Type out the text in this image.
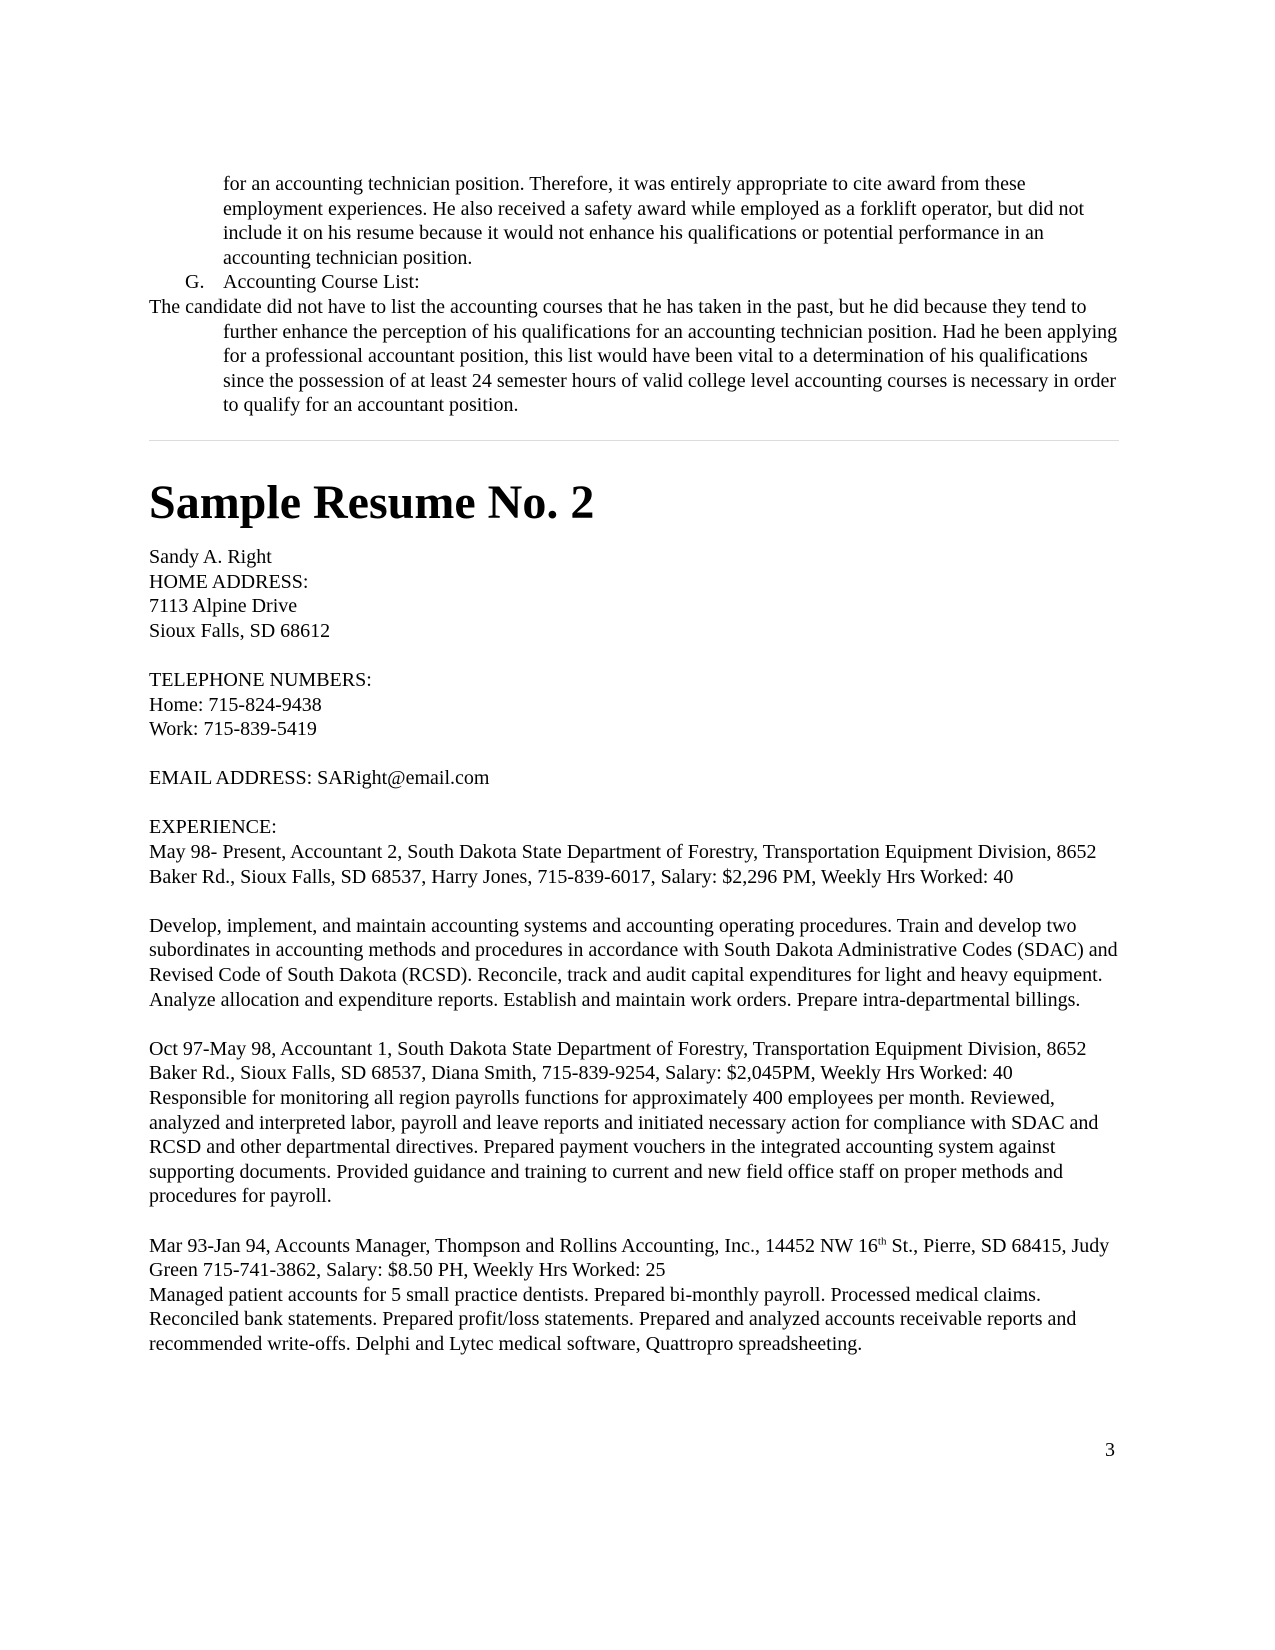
for an accounting technician position. Therefore, it was entirely appropriate to cite award from these employment experiences. He also received a safety award while employed as a forklift operator, but did not include it on his resume because it would not enhance his qualifications or potential performance in an accounting technician position.

G. Accounting Course List:

The candidate did not have to list the accounting courses that he has taken in the past, but he did because they tend to further enhance the perception of his qualifications for an accounting technician position. Had he been applying for a professional accountant position, this list would have been vital to a determination of his qualifications since the possession of at least 24 semester hours of valid college level accounting courses is necessary in order to qualify for an accountant position.

Sample Resume No. 2

Sandy A. Right

HOME ADDRESS:

7113 Alpine Drive

Sioux Falls, SD 68612

TELEPHONE NUMBERS:

Home: 715-824-9438

Work: 715-839-5419

EMAIL ADDRESS: SARight@email.com

EXPERIENCE:

May 98- Present, Accountant 2, South Dakota State Department of Forestry, Transportation Equipment Division, 8652 Baker Rd., Sioux Falls, SD 68537, Harry Jones, 715-839-6017, Salary: $2,296 PM, Weekly Hrs Worked: 40

Develop, implement, and maintain accounting systems and accounting operating procedures. Train and develop two subordinates in accounting methods and procedures in accordance with South Dakota Administrative Codes (SDAC) and Revised Code of South Dakota (RCSD). Reconcile, track and audit capital expenditures for light and heavy equipment. Analyze allocation and expenditure reports. Establish and maintain work orders. Prepare intra-departmental billings.

Oct 97-May 98, Accountant 1, South Dakota State Department of Forestry, Transportation Equipment Division, 8652 Baker Rd., Sioux Falls, SD 68537, Diana Smith, 715-839-9254, Salary: $2,045PM, Weekly Hrs Worked: 40

Responsible for monitoring all region payrolls functions for approximately 400 employees per month. Reviewed, analyzed and interpreted labor, payroll and leave reports and initiated necessary action for compliance with SDAC and RCSD and other departmental directives. Prepared payment vouchers in the integrated accounting system against supporting documents. Provided guidance and training to current and new field office staff on proper methods and procedures for payroll.

Mar 93-Jan 94, Accounts Manager, Thompson and Rollins Accounting, Inc., 14452 NW 16th St., Pierre, SD 68415, Judy Green 715-741-3862, Salary: $8.50 PH, Weekly Hrs Worked: 25

Managed patient accounts for 5 small practice dentists. Prepared bi-monthly payroll. Processed medical claims. Reconciled bank statements. Prepared profit/loss statements. Prepared and analyzed accounts receivable reports and recommended write-offs. Delphi and Lytec medical software, Quattropro spreadsheeting.

3
